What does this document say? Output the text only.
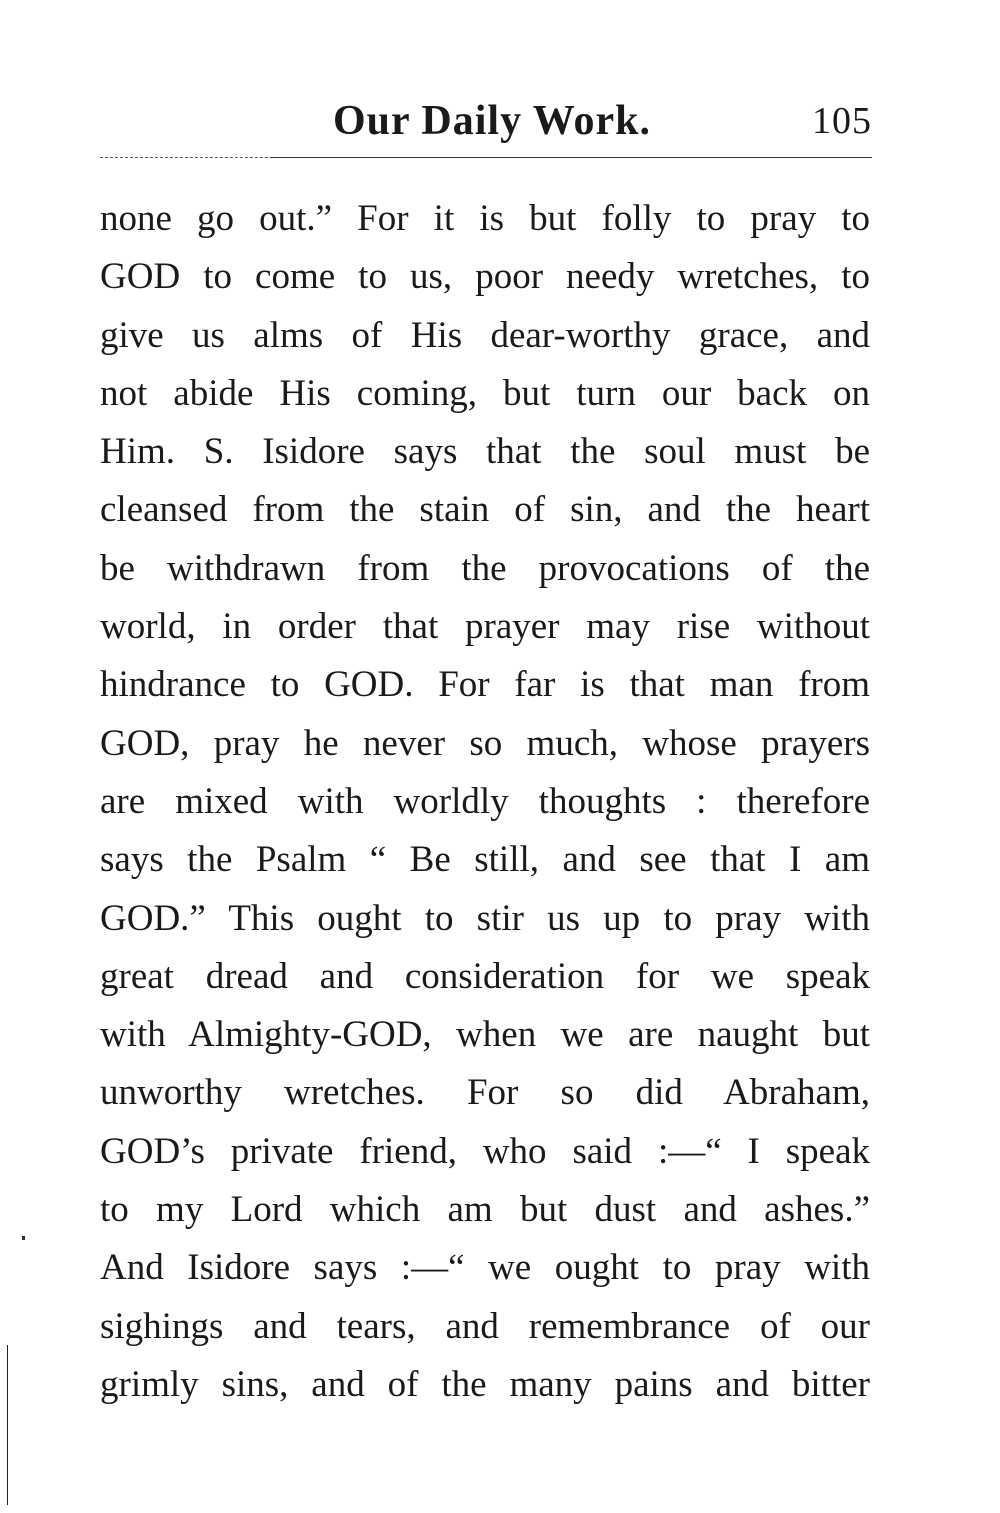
Our Daily Work.	105
none go out.” For it is but folly to pray to
GOD to come to us, poor needy wretches, to
give us alms of His dear-worthy grace, and
not abide His coming, but turn our back on
Him. S. Isidore says that the soul must be
cleansed from the stain of sin, and the heart
be withdrawn from the provocations of the
world, in order that prayer may rise without
hindrance to GOD. For far is that man from
GOD, pray he never so much, whose prayers
are mixed with worldly thoughts : therefore
says the Psalm “ Be still, and see that I am
GOD.” This ought to stir us up to pray with
great dread and consideration for we speak
with Almighty-GOD, when we are naught but
unworthy wretches. For so did Abraham,
GOD’s private friend, who said :—“ I speak
to my Lord which am but dust and ashes.”
And Isidore says :—“ we ought to pray with
sighings and tears, and remembrance of our
grimly sins, and of the many pains and bitter
